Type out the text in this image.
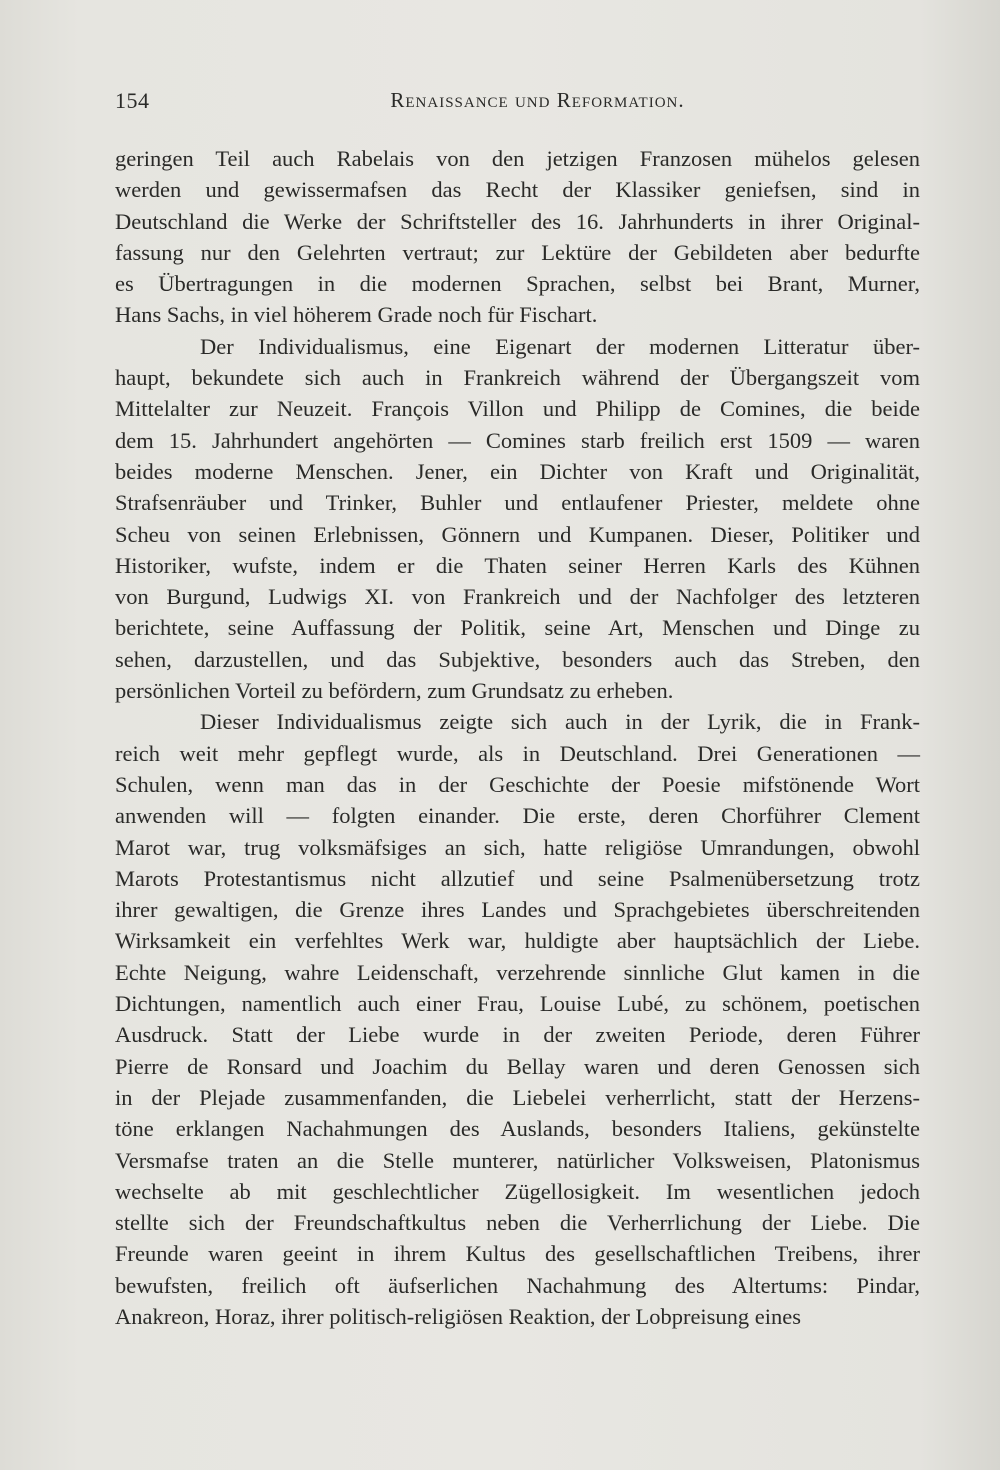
154	Renaissance und Reformation.
geringen Teil auch Rabelais von den jetzigen Franzosen mühelos gelesen
werden und gewissermafsen das Recht der Klassiker geniefsen, sind in
Deutschland die Werke der Schriftsteller des 16. Jahrhunderts in ihrer Original-
fassung nur den Gelehrten vertraut; zur Lektüre der Gebildeten aber bedurfte
es Übertragungen in die modernen Sprachen, selbst bei Brant, Murner,
Hans Sachs, in viel höherem Grade noch für Fischart.
Der Individualismus, eine Eigenart der modernen Litteratur über-
haupt, bekundete sich auch in Frankreich während der Übergangszeit vom
Mittelalter zur Neuzeit. François Villon und Philipp de Comines, die beide
dem 15. Jahrhundert angehörten — Comines starb freilich erst 1509 — waren
beides moderne Menschen. Jener, ein Dichter von Kraft und Originalität,
Strafsenräuber und Trinker, Buhler und entlaufener Priester, meldete ohne
Scheu von seinen Erlebnissen, Gönnern und Kumpanen. Dieser, Politiker und
Historiker, wufste, indem er die Thaten seiner Herren Karls des Kühnen
von Burgund, Ludwigs XI. von Frankreich und der Nachfolger des letzteren
berichtete, seine Auffassung der Politik, seine Art, Menschen und Dinge zu
sehen, darzustellen, und das Subjektive, besonders auch das Streben, den
persönlichen Vorteil zu befördern, zum Grundsatz zu erheben.
Dieser Individualismus zeigte sich auch in der Lyrik, die in Frank-
reich weit mehr gepflegt wurde, als in Deutschland. Drei Generationen —
Schulen, wenn man das in der Geschichte der Poesie mifstönende Wort
anwenden will — folgten einander. Die erste, deren Chorführer Clement
Marot war, trug volksmäfsiges an sich, hatte religiöse Umrandungen, obwohl
Marots Protestantismus nicht allzutief und seine Psalmenübersetzung trotz
ihrer gewaltigen, die Grenze ihres Landes und Sprachgebietes überschreitenden
Wirksamkeit ein verfehltes Werk war, huldigte aber hauptsächlich der Liebe.
Echte Neigung, wahre Leidenschaft, verzehrende sinnliche Glut kamen in die
Dichtungen, namentlich auch einer Frau, Louise Lubé, zu schönem, poetischen
Ausdruck. Statt der Liebe wurde in der zweiten Periode, deren Führer
Pierre de Ronsard und Joachim du Bellay waren und deren Genossen sich
in der Plejade zusammenfanden, die Liebelei verherrlicht, statt der Herzens-
töne erklangen Nachahmungen des Auslands, besonders Italiens, gekünstelte
Versmafse traten an die Stelle munterer, natürlicher Volksweisen, Platonismus
wechselte ab mit geschlechtlicher Zügellosigkeit. Im wesentlichen jedoch
stellte sich der Freundschaftkultus neben die Verherrlichung der Liebe. Die
Freunde waren geeint in ihrem Kultus des gesellschaftlichen Treibens, ihrer
bewufsten, freilich oft äufserlichen Nachahmung des Altertums: Pindar,
Anakreon, Horaz, ihrer politisch-religiösen Reaktion, der Lobpreisung eines
